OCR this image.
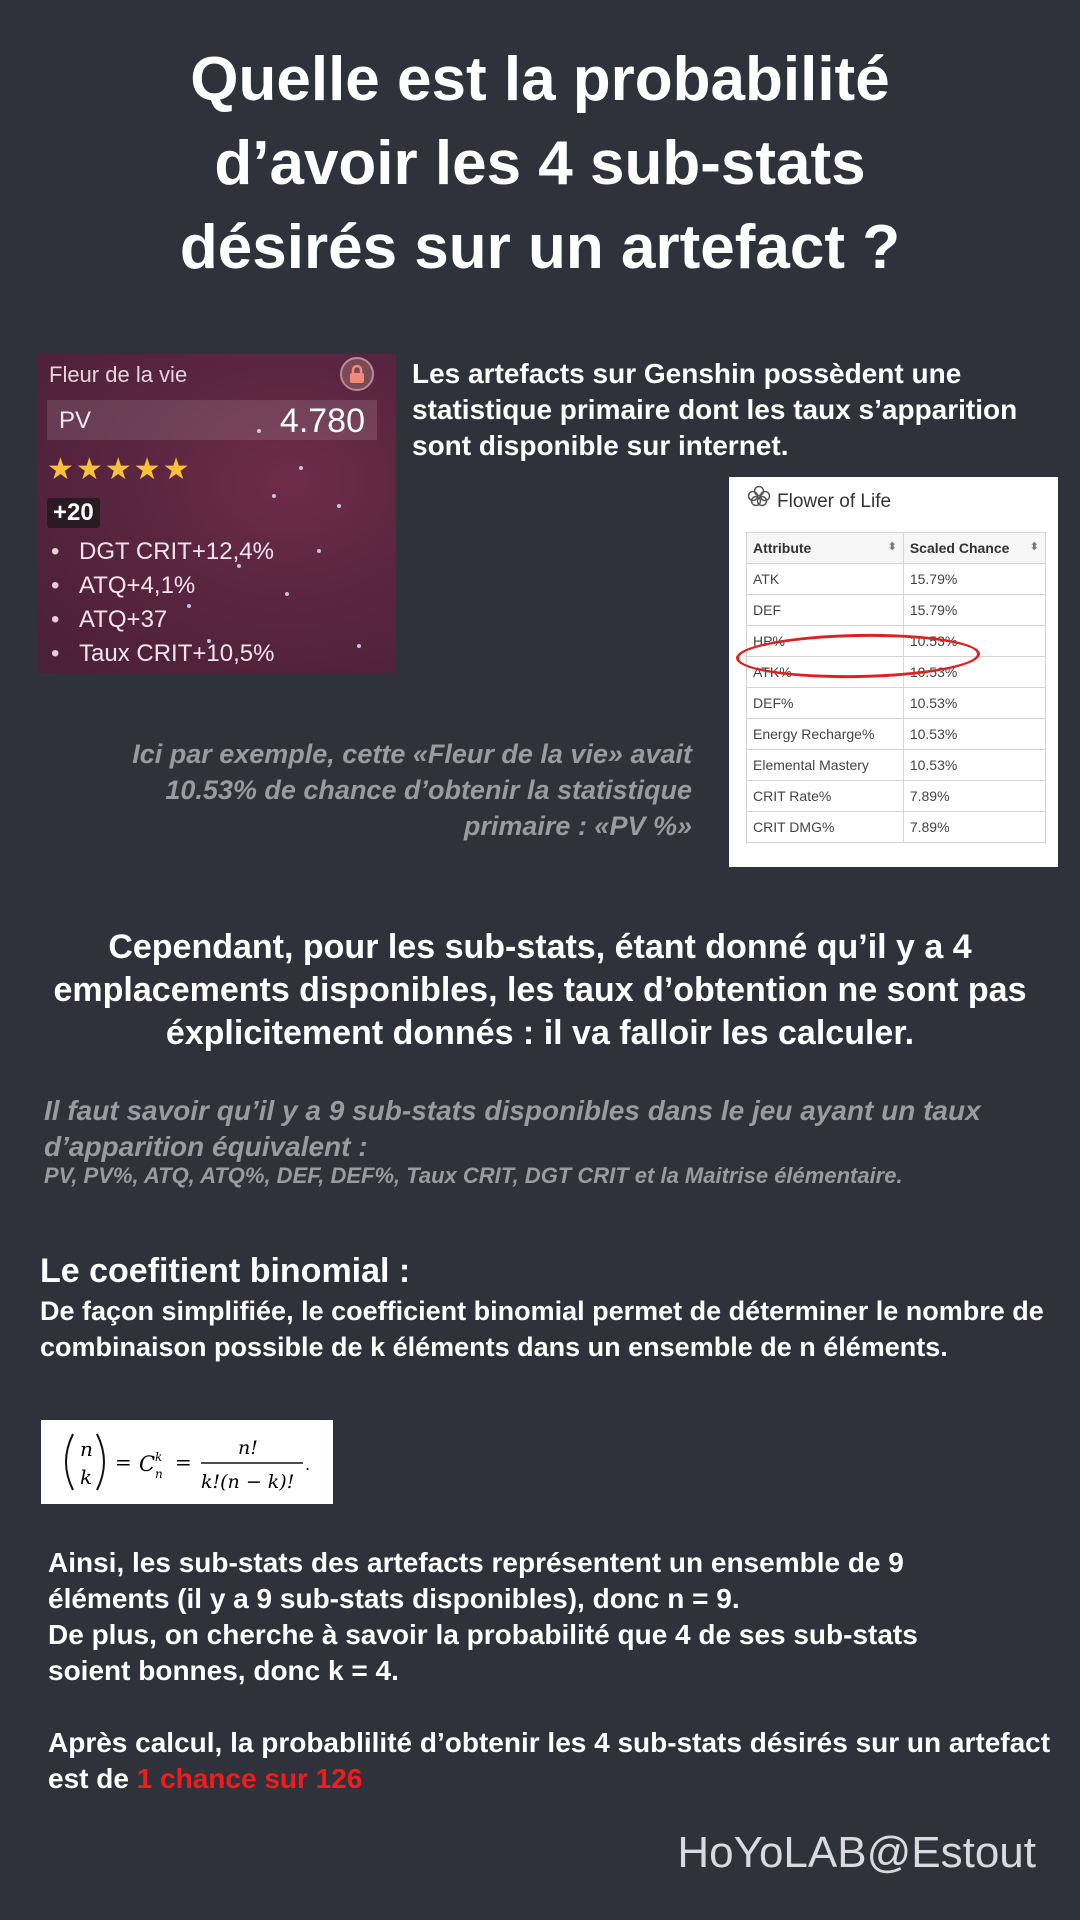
Quelle est la probabilité
d’avoir les 4 sub-stats
désirés sur un artefact ?
Fleur de la vie
PV	4.780
★★★★★
+20
• DGT CRIT+12,4%
• ATQ+4,1%
• ATQ+37
• Taux CRIT+10,5%
Les artefacts sur Genshin possèdent une statistique primaire dont les taux s’apparition sont disponible sur internet.
Flower of Life
Attribute ⬍	Scaled Chance ⬍

ATK	15.79%
DEF	15.79%
HP%	10.53%
ATK%	10.53%
DEF%	10.53%
Energy Recharge%	10.53%
Elemental Mastery	10.53%
CRIT Rate%	7.89%
CRIT DMG%	7.89%
Ici par exemple, cette «Fleur de la vie» avait
10.53% de chance d’obtenir la statistique
primaire : «PV %»
Cependant, pour les sub-stats, étant donné qu’il y a 4
emplacements disponibles, les taux d’obtention ne sont pas
éxplicitement donnés : il va falloir les calculer.
Il faut savoir qu’il y a 9 sub-stats disponibles dans le jeu ayant un taux d’apparition équivalent :
PV, PV%, ATQ, ATQ%, DEF, DEF%, Taux CRIT, DGT CRIT et la Maitrise élémentaire.
Le coefitient binomial :
De façon simplifiée, le coefficient binomial permet de déterminer le nombre de combinaison possible de k éléments dans un ensemble de n éléments.
n
k
= C k
n =
n!
k!(n − k)!
.
Ainsi, les sub-stats des artefacts représentent un ensemble de 9
éléments (il y a 9 sub-stats disponibles), donc n = 9.
De plus, on cherche à savoir la probabilité que 4 de ses sub-stats
soient bonnes, donc k = 4.
Après calcul, la probablilité d’obtenir les 4 sub-stats désirés sur un artefact est de 1 chance sur 126
HoYoLAB@Estout
